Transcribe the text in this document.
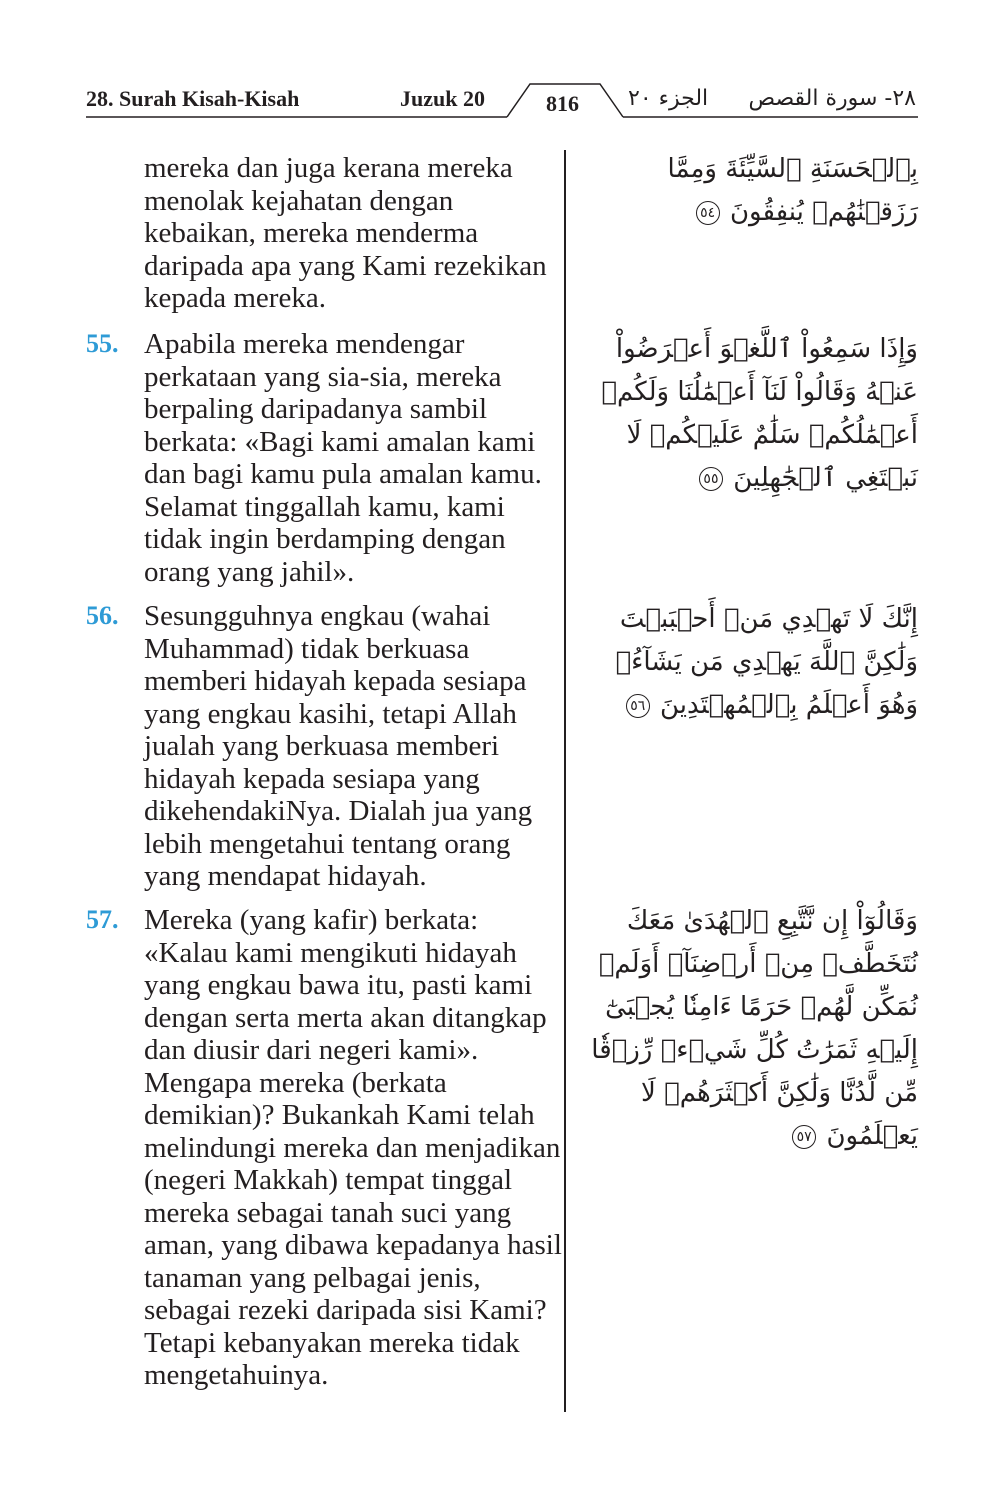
28. Surah Kisah-Kisah	Juzuk 20	الجزء ٢٠	٢٨- سورة القصص
816
mereka dan juga kerana mereka menolak kejahatan dengan kebaikan, mereka menderma daripada apa yang Kami rezekikan kepada mereka.
بِٱلۡحَسَنَةِ ٱلسَّيِّئَةَ وَمِمَّا رَزَقۡنَٰهُمۡ يُنفِقُونَ ٥٤
55. Apabila mereka mendengar perkataan yang sia-sia, mereka berpaling daripadanya sambil berkata: «Bagi kami amalan kami dan bagi kamu pula amalan kamu. Selamat tinggallah kamu, kami tidak ingin berdamping dengan orang yang jahil».
وَإِذَا سَمِعُواْ ٱللَّغۡوَ أَعۡرَضُواْ عَنۡهُ وَقَالُواْ لَنَآ أَعۡمَٰلُنَا وَلَكُمۡ أَعۡمَٰلُكُمۡ سَلَٰمٌ عَلَيۡكُمۡ لَا نَبۡتَغِي ٱلۡجَٰهِلِينَ ٥٥
56. Sesungguhnya engkau (wahai Muhammad) tidak berkuasa memberi hidayah kepada sesiapa yang engkau kasihi, tetapi Allah jualah yang berkuasa memberi hidayah kepada sesiapa yang dikehendakiNya. Dialah jua yang lebih mengetahui tentang orang yang mendapat hidayah.
إِنَّكَ لَا تَهۡدِي مَنۡ أَحۡبَبۡتَ وَلَٰكِنَّ ٱللَّهَ يَهۡدِي مَن يَشَآءُۚ وَهُوَ أَعۡلَمُ بِٱلۡمُهۡتَدِينَ ٥٦
57. Mereka (yang kafir) berkata: «Kalau kami mengikuti hidayah yang engkau bawa itu, pasti kami dengan serta merta akan ditangkap dan diusir dari negeri kami». Mengapa mereka (berkata demikian)? Bukankah Kami telah melindungi mereka dan menjadikan (negeri Makkah) tempat tinggal mereka sebagai tanah suci yang aman, yang dibawa kepadanya hasil tanaman yang pelbagai jenis, sebagai rezeki daripada sisi Kami? Tetapi kebanyakan mereka tidak mengetahuinya.
وَقَالُوٓاْ إِن نَّتَّبِعِ ٱلۡهُدَىٰ مَعَكَ نُتَخَطَّفۡ مِنۡ أَرۡضِنَآۚ أَوَلَمۡ نُمَكِّن لَّهُمۡ حَرَمًا ءَامِنٗا يُجۡبَىٰٓ إِلَيۡهِ ثَمَرَٰتُ كُلِّ شَيۡءٖ رِّزۡقٗا مِّن لَّدُنَّا وَلَٰكِنَّ أَكۡثَرَهُمۡ لَا يَعۡلَمُونَ ٥٧
